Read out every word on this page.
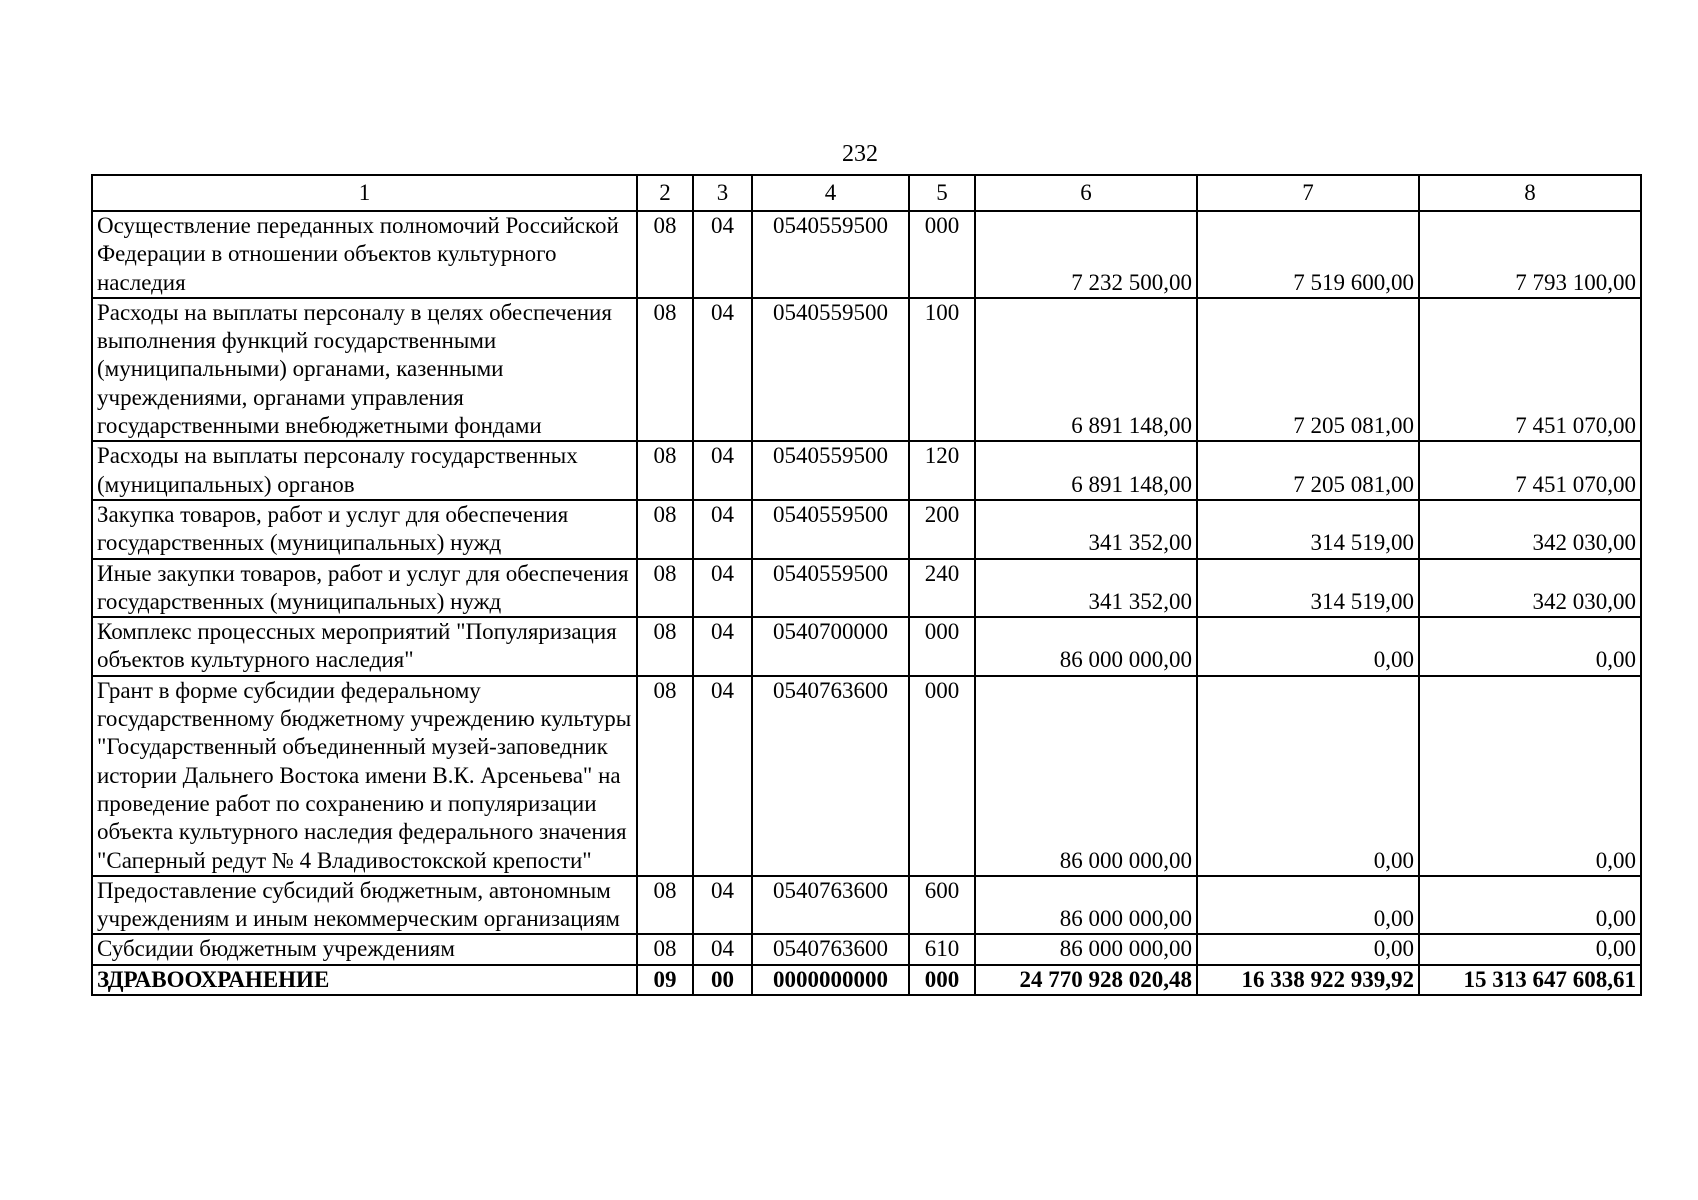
232
1	2	3	4	5	6	7	8
Осуществление переданных полномочий Российской Федерации в отношении объектов культурного наследия	08	04	0540559500	000	7 232 500,00	7 519 600,00	7 793 100,00
Расходы на выплаты персоналу в целях обеспечения выполнения функций государственными (муниципальными) органами, казенными учреждениями, органами управления государственными внебюджетными фондами	08	04	0540559500	100	6 891 148,00	7 205 081,00	7 451 070,00
Расходы на выплаты персоналу государственных (муниципальных) органов	08	04	0540559500	120	6 891 148,00	7 205 081,00	7 451 070,00
Закупка товаров, работ и услуг для обеспечения государственных (муниципальных) нужд	08	04	0540559500	200	341 352,00	314 519,00	342 030,00
Иные закупки товаров, работ и услуг для обеспечения государственных (муниципальных) нужд	08	04	0540559500	240	341 352,00	314 519,00	342 030,00
Комплекс процессных мероприятий "Популяризация объектов культурного наследия"	08	04	0540700000	000	86 000 000,00	0,00	0,00
Грант в форме субсидии федеральному государственному бюджетному учреждению культуры "Государственный объединенный музей-заповедник истории Дальнего Востока имени В.К. Арсеньева" на проведение работ по сохранению и популяризации объекта культурного наследия федерального значения "Саперный редут № 4 Владивостокской крепости"	08	04	0540763600	000	86 000 000,00	0,00	0,00
Предоставление субсидий бюджетным, автономным учреждениям и иным некоммерческим организациям	08	04	0540763600	600	86 000 000,00	0,00	0,00
Субсидии бюджетным учреждениям	08	04	0540763600	610	86 000 000,00	0,00	0,00
ЗДРАВООХРАНЕНИЕ	09	00	0000000000	000	24 770 928 020,48	16 338 922 939,92	15 313 647 608,61
